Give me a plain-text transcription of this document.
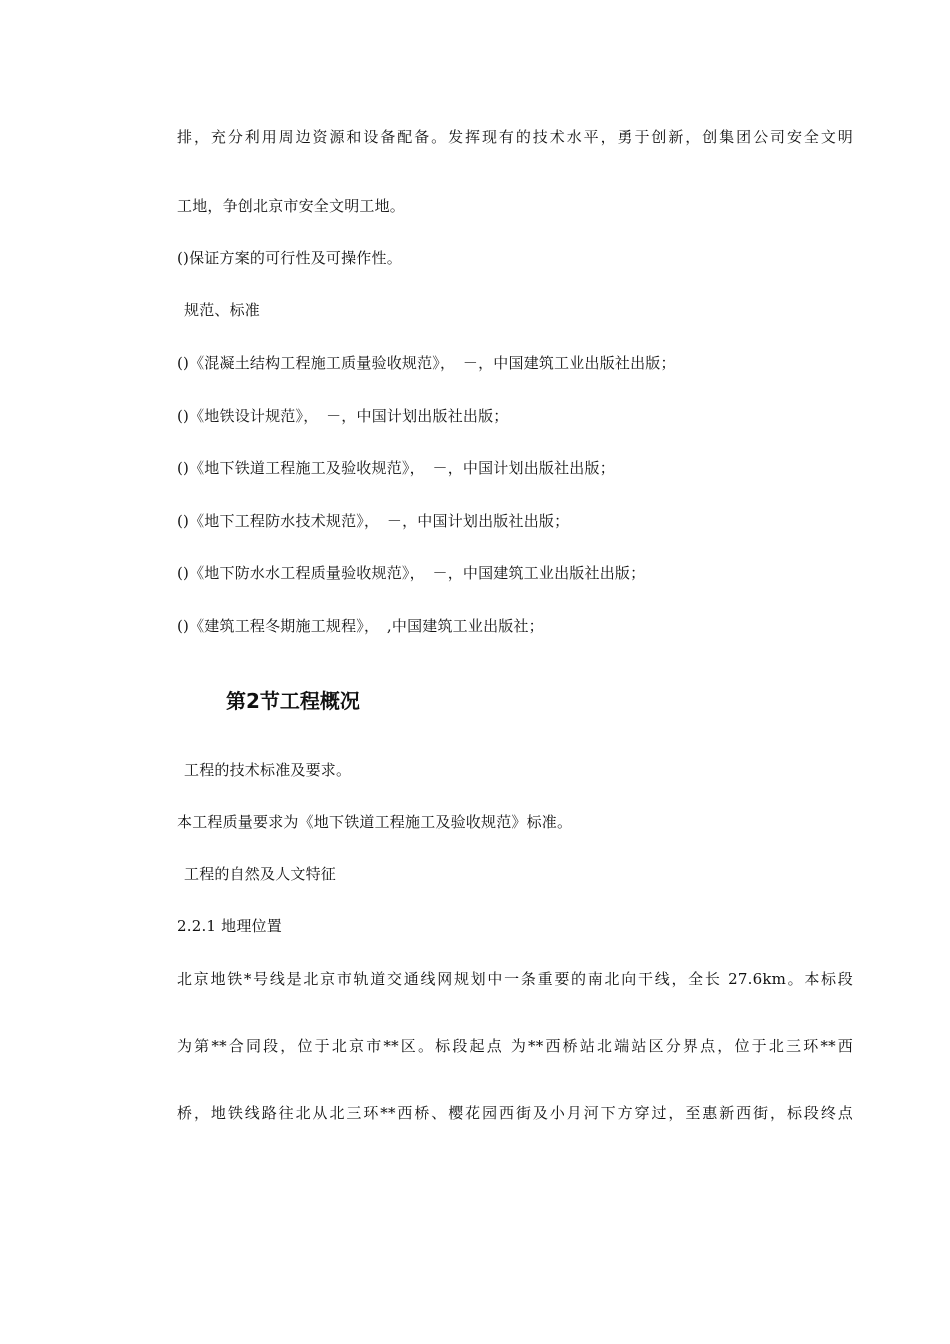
排，充分利用周边资源和设备配备。发挥现有的技术水平，勇于创新，创集团公司安全文明
工地，争创北京市安全文明工地。
()保证方案的可行性及可操作性。
规范、标准
()《混凝土结构工程施工质量验收规范》，　－，中国建筑工业出版社出版；
()《地铁设计规范》，　－，中国计划出版社出版；
()《地下铁道工程施工及验收规范》，　－，中国计划出版社出版；
()《地下工程防水技术规范》，　－，中国计划出版社出版；
()《地下防水水工程质量验收规范》，　－，中国建筑工业出版社出版；
()《建筑工程冬期施工规程》，　,中国建筑工业出版社；
第2节工程概况
工程的技术标准及要求。
本工程质量要求为《地下铁道工程施工及验收规范》标准。
工程的自然及人文特征
2.2.1 地理位置
北京地铁*号线是北京市轨道交通线网规划中一条重要的南北向干线，全长 27.6km。本标段
为第**合同段，位于北京市**区。标段起点 为**西桥站北端站区分界点，位于北三环**西
桥，地铁线路往北从北三环**西桥、樱花园西街及小月河下方穿过，至惠新西街，标段终点
